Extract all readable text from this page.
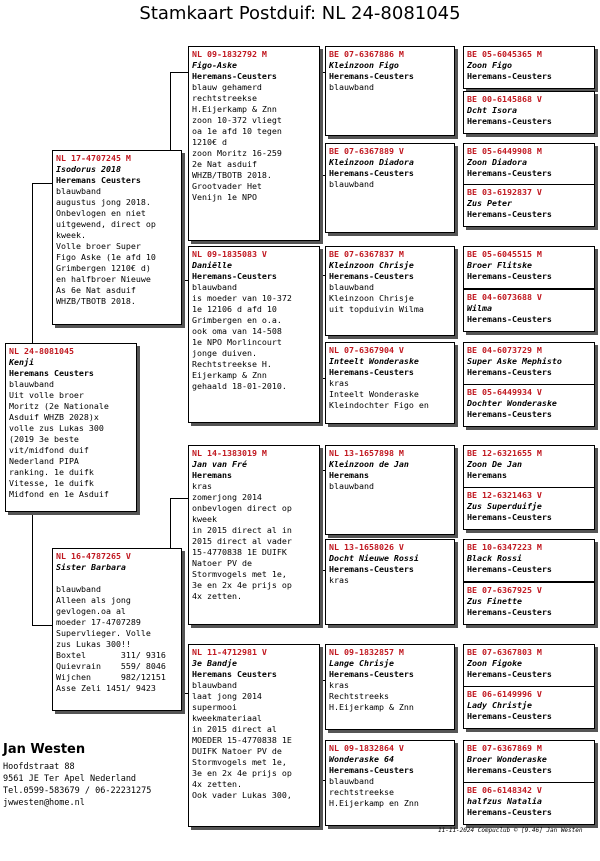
Stamkaart Postduif: NL 24-8081045
NL 24-8081045
Kenji
Heremans Ceusters
blauwband
Uit volle broer
Moritz (2e Nationale
Asduif WHZB 2028)x
volle zus Lukas 300
(2019 3e beste
vit/midfond duif
Nederland PIPA
ranking. 1e duifk
Vitesse, 1e duifk
Midfond en 1e Asduif
NL 17-4707245 M
Isodorus 2018
Heremans Ceusters
blauwband
augustus jong 2018.
Onbevlogen en niet
uitgewend, direct op
kweek.
Volle broer Super
Figo Aske (1e afd 10
Grimbergen 1210€ d)
en halfbroer Nieuwe
As 6e Nat asduif
WHZB/TBOTB 2018.
NL 16-4787265 V
Sister Barbara
blauwband
Alleen als jong
gevlogen.oa al
moeder 17-4707289
Supervlieger. Volle
zus Lukas 300!!
Boxtel       311/ 9316
Quievrain    559/ 8046
Wijchen      982/12151
Asse Zeli 1451/ 9423
NL 09-1832792 M
Figo-Aske
Heremans-Ceusters
blauw gehamerd
rechtstreekse
H.Eijerkamp & Znn
zoon 10-372 vliegt
oa 1e afd 10 tegen
1210€ d
zoon Moritz 16-259
2e Nat asduif
WHZB/TBOTB 2018.
Grootvader Het
Venijn 1e NPO
NL 09-1835083 V
Daniëlle
Heremans-Ceusters
blauwband
is moeder van 10-372
1e 12106 d afd 10
Grimbergen en o.a.
ook oma van 14-508
1e NPO Morlincourt
jonge duiven.
Rechtstreekse H.
Eijerkamp & Znn
gehaald 18-01-2010.
NL 14-1383019 M
Jan van Fré
Heremans
kras
zomerjong 2014
onbevlogen direct op
kweek
in 2015 direct al in
2015 direct al vader
15-4770838 1E DUIFK
Natoer PV de
Stormvogels met 1e,
3e en 2x 4e prijs op
4x zetten.
NL 11-4712981 V
3e Bandje
Heremans Ceusters
blauwband
laat jong 2014
supermooi
kweekmateriaal
in 2015 direct al
MOEDER 15-4770838 1E
DUIFK Natoer PV de
Stormvogels met 1e,
3e en 2x 4e prijs op
4x zetten.
Ook vader Lukas 300,
BE 07-6367886 M
Kleinzoon Figo
Heremans-Ceusters
blauwband
BE 07-6367889 V
Kleinzoon Diadora
Heremans-Ceusters
blauwband
BE 07-6367837 M
Kleinzoon Chrisje
Heremans-Ceusters
blauwband
Kleinzoon Chrisje
uit topduivin Wilma
NL 07-6367904 V
Inteelt Wonderaske
Heremans-Ceusters
kras
Inteelt Wonderaske
Kleindochter Figo en
NL 13-1657898 M
Kleinzoon de Jan
Heremans
blauwband
NL 13-1658026 V
Docht Nieuwe Rossi
Heremans-Ceusters
kras
NL 09-1832857 M
Lange Chrisje
Heremans-Ceusters
kras
Rechtstreeks
H.Eijerkamp & Znn
NL 09-1832864 V
Wonderaske 64
Heremans-Ceusters
blauwband
rechtstreekse
H.Eijerkamp en Znn
BE 05-6045365 M
Zoon Figo
Heremans-Ceusters
BE 00-6145868 V
Dcht Isora
Heremans-Ceusters
BE 05-6449908 M
Zoon Diadora
Heremans-Ceusters
BE 03-6192837 V
Zus Peter
Heremans-Ceusters
BE 05-6045515 M
Broer Flitske
Heremans-Ceusters
BE 04-6073688 V
Wilma
Heremans-Ceusters
BE 04-6073729 M
Super Aske Mephisto
Heremans-Ceusters
BE 05-6449934 V
Dochter Wonderaske
Heremans-Ceusters
BE 12-6321655 M
Zoon De Jan
Heremans
BE 12-6321463 V
Zus Superduifje
Heremans-Ceusters
BE 10-6347223 M
Black Rossi
Heremans-Ceusters
BE 07-6367925 V
Zus Finette
Heremans-Ceusters
BE 07-6367803 M
Zoon Figoke
Heremans-Ceusters
BE 06-6149996 V
Lady Christje
Heremans-Ceusters
BE 07-6367869 M
Broer Wonderaske
Heremans-Ceusters
BE 06-6148342 V
halfzus Natalia
Heremans-Ceusters
Jan Westen
Hoofdstraat 88
9561 JE Ter Apel Nederland
Tel.0599-583679 / 06-22231275
jwwesten@home.nl
11-11-2024 Compuclub © [9.46] Jan Westen
